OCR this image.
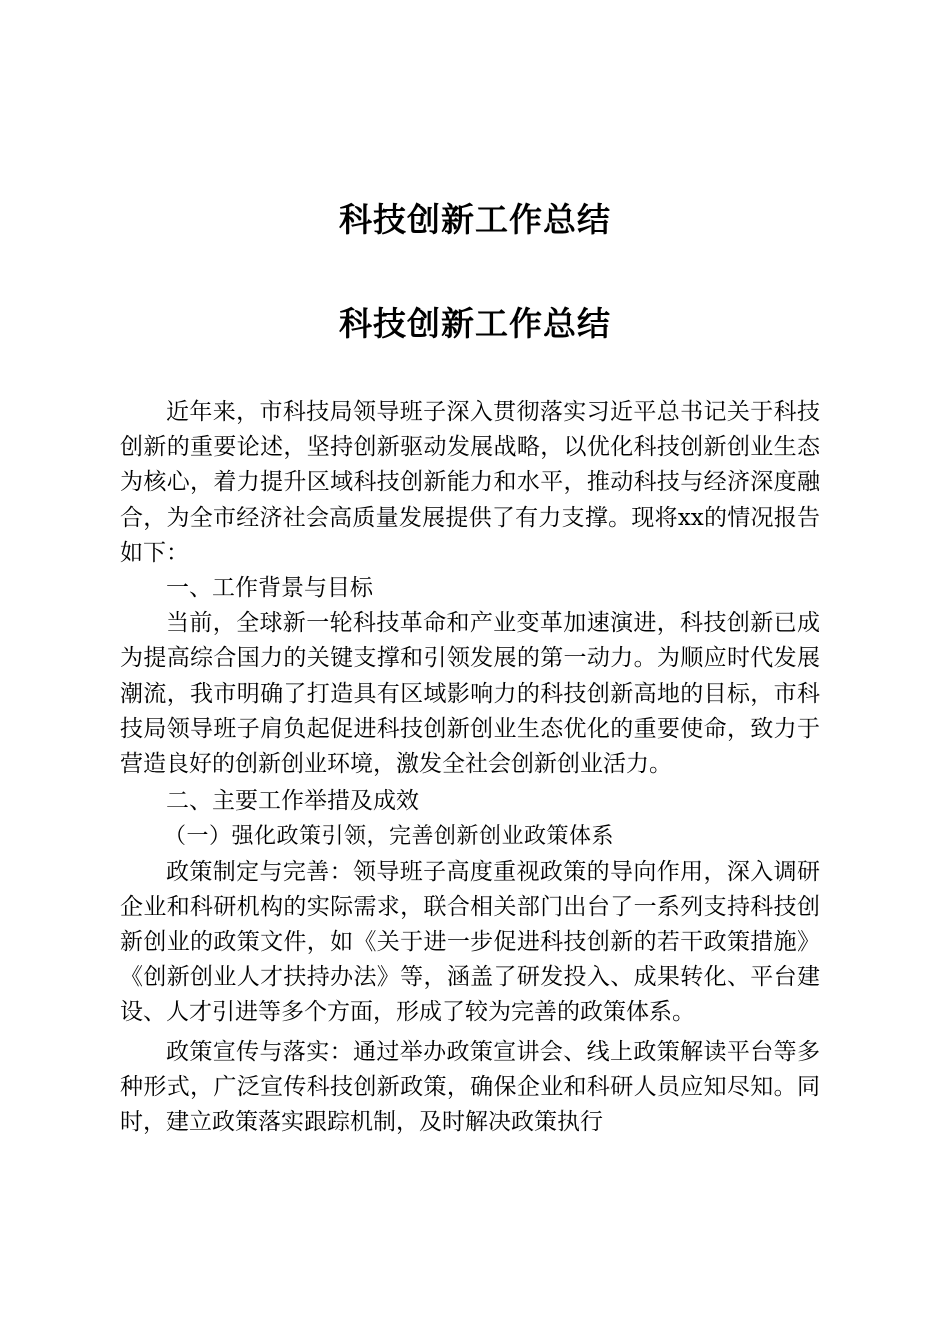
科技创新工作总结
科技创新工作总结

近年来，市科技局领导班子深入贯彻落实习近平总书记关于科技创新的重要论述，坚持创新驱动发展战略，以优化科技创新创业生态为核心，着力提升区域科技创新能力和水平，推动科技与经济深度融合，为全市经济社会高质量发展提供了有力支撑。现将xx的情况报告如下：

一、工作背景与目标

当前，全球新一轮科技革命和产业变革加速演进，科技创新已成为提高综合国力的关键支撑和引领发展的第一动力。为顺应时代发展潮流，我市明确了打造具有区域影响力的科技创新高地的目标，市科技局领导班子肩负起促进科技创新创业生态优化的重要使命，致力于营造良好的创新创业环境，激发全社会创新创业活力。

二、主要工作举措及成效

（一）强化政策引领，完善创新创业政策体系

政策制定与完善：领导班子高度重视政策的导向作用，深入调研企业和科研机构的实际需求，联合相关部门出台了一系列支持科技创新创业的政策文件，如《关于进一步促进科技创新的若干政策措施》《创新创业人才扶持办法》等，涵盖了研发投入、成果转化、平台建设、人才引进等多个方面，形成了较为完善的政策体系。

政策宣传与落实：通过举办政策宣讲会、线上政策解读平台等多种形式，广泛宣传科技创新政策，确保企业和科研人员应知尽知。同时，建立政策落实跟踪机制，及时解决政策执行
